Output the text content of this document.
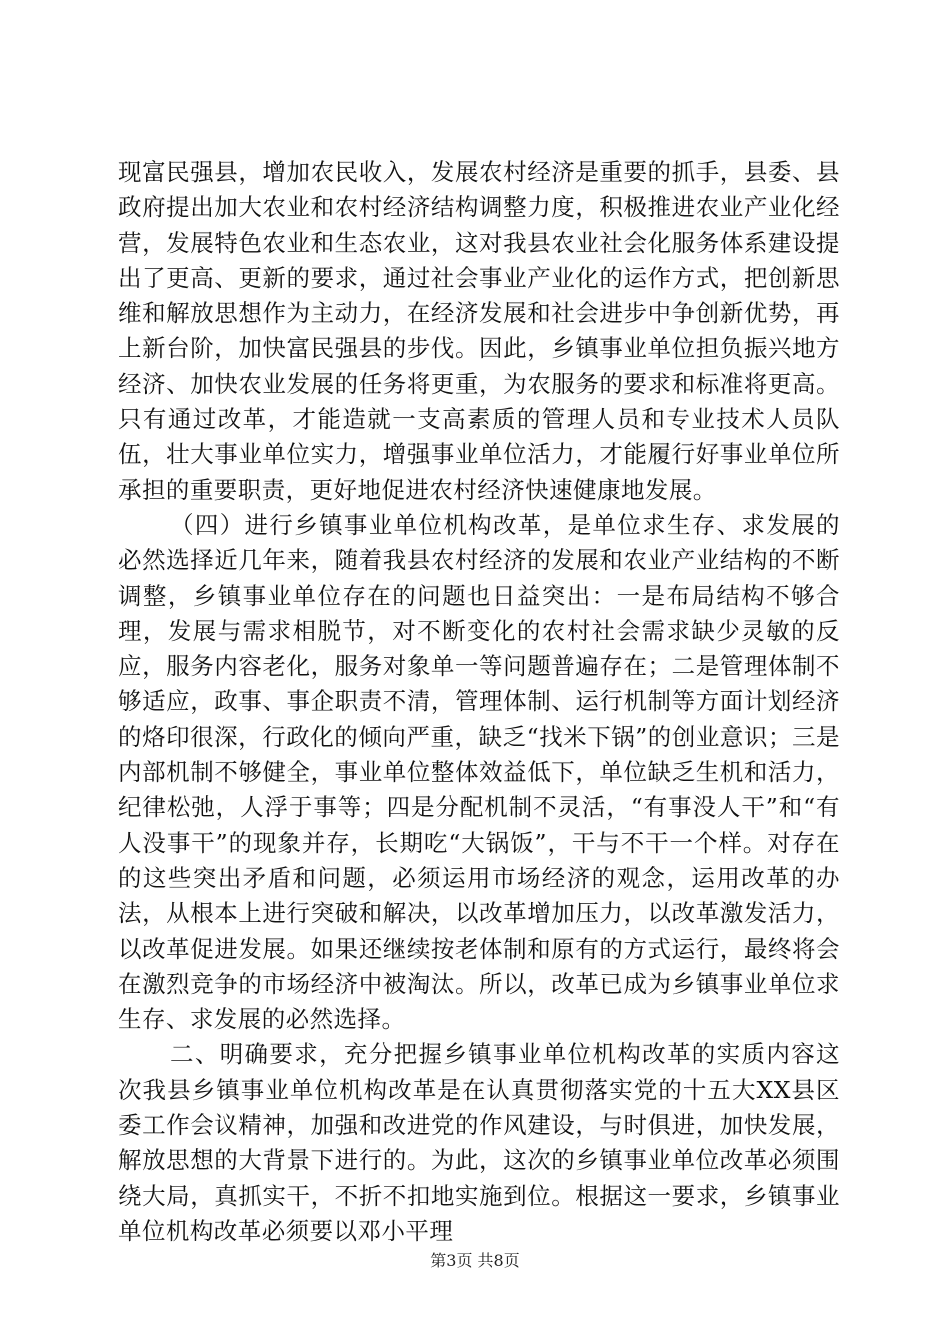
现富民强县，增加农民收入，发展农村经济是重要的抓手，县委、县政府提出加大农业和农村经济结构调整力度，积极推进农业产业化经营，发展特色农业和生态农业，这对我县农业社会化服务体系建设提出了更高、更新的要求，通过社会事业产业化的运作方式，把创新思维和解放思想作为主动力，在经济发展和社会进步中争创新优势，再上新台阶，加快富民强县的步伐。因此，乡镇事业单位担负振兴地方经济、加快农业发展的任务将更重，为农服务的要求和标准将更高。只有通过改革，才能造就一支高素质的管理人员和专业技术人员队伍，壮大事业单位实力，增强事业单位活力，才能履行好事业单位所承担的重要职责，更好地促进农村经济快速健康地发展。

（四）进行乡镇事业单位机构改革，是单位求生存、求发展的必然选择近几年来，随着我县农村经济的发展和农业产业结构的不断调整，乡镇事业单位存在的问题也日益突出：一是布局结构不够合理，发展与需求相脱节，对不断变化的农村社会需求缺少灵敏的反应，服务内容老化，服务对象单一等问题普遍存在；二是管理体制不够适应，政事、事企职责不清，管理体制、运行机制等方面计划经济的烙印很深，行政化的倾向严重，缺乏“找米下锅”的创业意识；三是内部机制不够健全，事业单位整体效益低下，单位缺乏生机和活力，纪律松弛，人浮于事等；四是分配机制不灵活，“有事没人干”和“有人没事干”的现象并存，长期吃“大锅饭”，干与不干一个样。对存在的这些突出矛盾和问题，必须运用市场经济的观念，运用改革的办法，从根本上进行突破和解决，以改革增加压力，以改革激发活力，以改革促进发展。如果还继续按老体制和原有的方式运行，最终将会在激烈竞争的市场经济中被淘汰。所以，改革已成为乡镇事业单位求生存、求发展的必然选择。

二、明确要求，充分把握乡镇事业单位机构改革的实质内容这次我县乡镇事业单位机构改革是在认真贯彻落实党的十五大XX县区委工作会议精神，加强和改进党的作风建设，与时俱进，加快发展，解放思想的大背景下进行的。为此，这次的乡镇事业单位改革必须围绕大局，真抓实干，不折不扣地实施到位。根据这一要求，乡镇事业单位机构改革必须要以邓小平理

第3页 共8页
